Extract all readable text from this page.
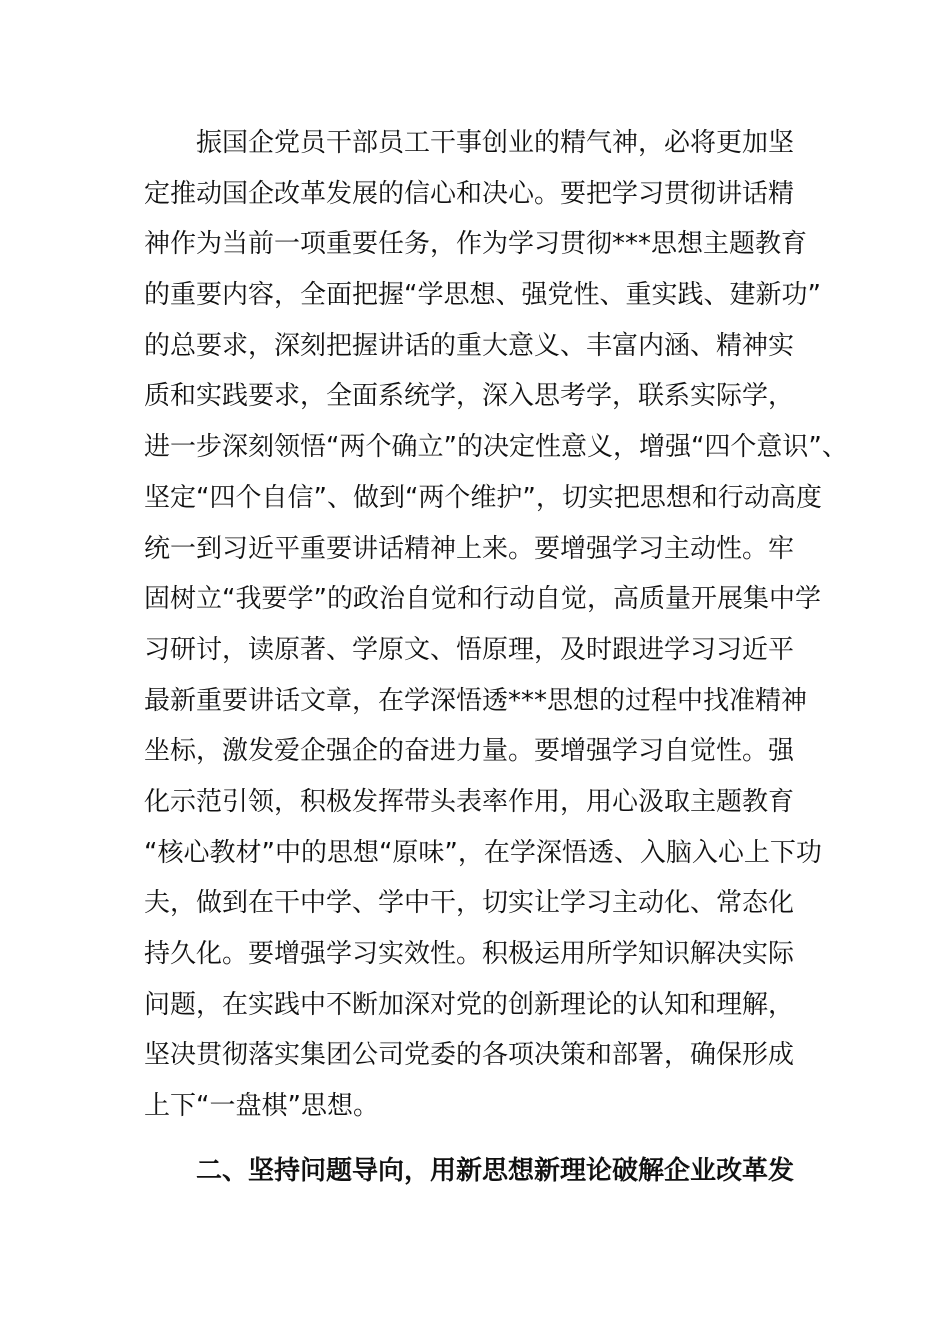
振国企党员干部员工干事创业的精气神，必将更加坚
定推动国企改革发展的信心和决心。要把学习贯彻讲话精
神作为当前一项重要任务，作为学习贯彻***思想主题教育
的重要内容，全面把握“学思想、强党性、重实践、建新功”
的总要求，深刻把握讲话的重大意义、丰富内涵、精神实
质和实践要求，全面系统学，深入思考学，联系实际学，
进一步深刻领悟“两个确立”的决定性意义，增强“四个意识”、
坚定“四个自信”、做到“两个维护”，切实把思想和行动高度
统一到习近平重要讲话精神上来。要增强学习主动性。牢
固树立“我要学”的政治自觉和行动自觉，高质量开展集中学
习研讨，读原著、学原文、悟原理，及时跟进学习习近平
最新重要讲话文章，在学深悟透***思想的过程中找准精神
坐标，激发爱企强企的奋进力量。要增强学习自觉性。强
化示范引领，积极发挥带头表率作用，用心汲取主题教育
“核心教材”中的思想“原味”，在学深悟透、入脑入心上下功
夫，做到在干中学、学中干，切实让学习主动化、常态化
持久化。要增强学习实效性。积极运用所学知识解决实际
问题，在实践中不断加深对党的创新理论的认知和理解，
坚决贯彻落实集团公司党委的各项决策和部署，确保形成
上下“一盘棋”思想。
二、坚持问题导向，用新思想新理论破解企业改革发
